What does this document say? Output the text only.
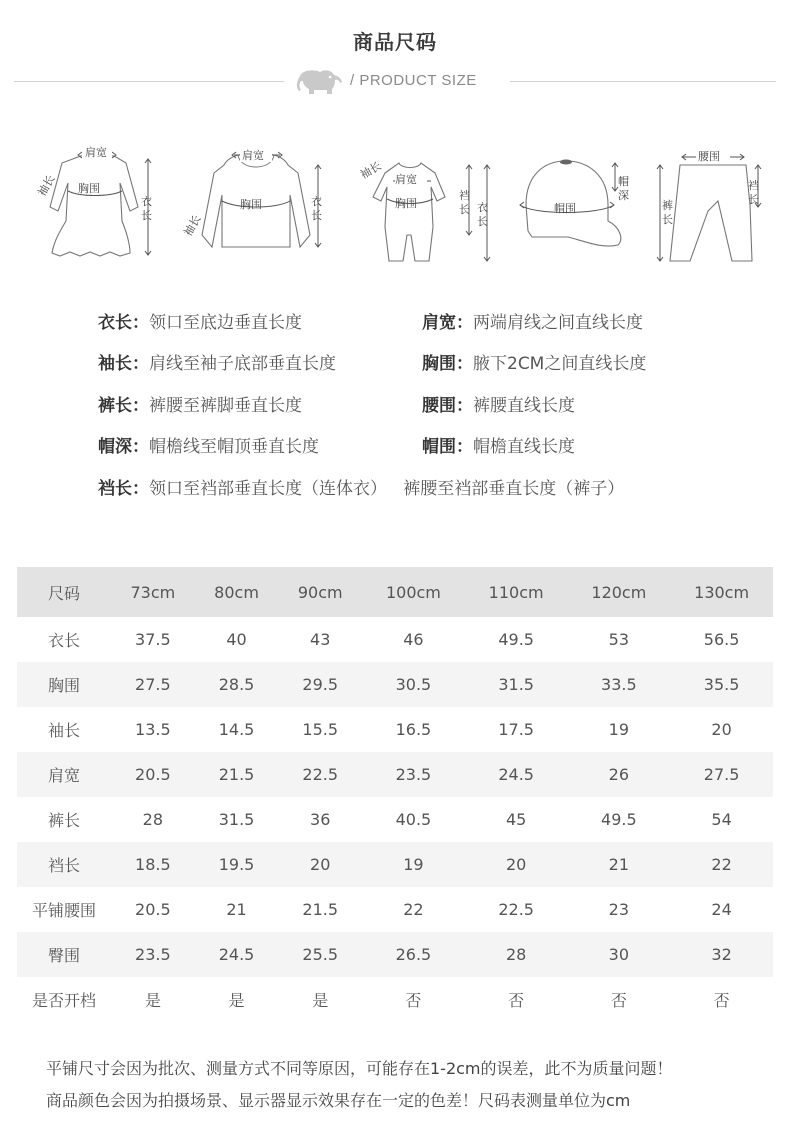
商品尺码
/ PRODUCT SIZE
肩宽
胸围
袖长
衣
长
肩宽
胸围
袖长
衣
长
袖长 肩宽
胸围
裆
长 衣
长
帽围
帽
深
腰围
裤
长
裆
长
衣长：领口至底边垂直长度	肩宽：两端肩线之间直线长度
袖长：肩线至袖子底部垂直长度	胸围：腋下2CM之间直线长度
裤长：裤腰至裤脚垂直长度	腰围：裤腰直线长度
帽深：帽檐线至帽顶垂直长度	帽围：帽檐直线长度
裆长：领口至裆部垂直长度（连体衣）   裤腰至裆部垂直长度（裤子）
尺码	73cm	80cm	90cm	100cm	110cm	120cm	130cm
衣长	37.5	40	43	46	49.5	53	56.5
胸围	27.5	28.5	29.5	30.5	31.5	33.5	35.5
袖长	13.5	14.5	15.5	16.5	17.5	19	20
肩宽	20.5	21.5	22.5	23.5	24.5	26	27.5
裤长	28	31.5	36	40.5	45	49.5	54
裆长	18.5	19.5	20	19	20	21	22
平铺腰围	20.5	21	21.5	22	22.5	23	24
臀围	23.5	24.5	25.5	26.5	28	30	32
是否开档	是	是	是	否	否	否	否
平铺尺寸会因为批次、测量方式不同等原因，可能存在1-2cm的误差，此不为质量问题！
商品颜色会因为拍摄场景、显示器显示效果存在一定的色差！尺码表测量单位为cm
